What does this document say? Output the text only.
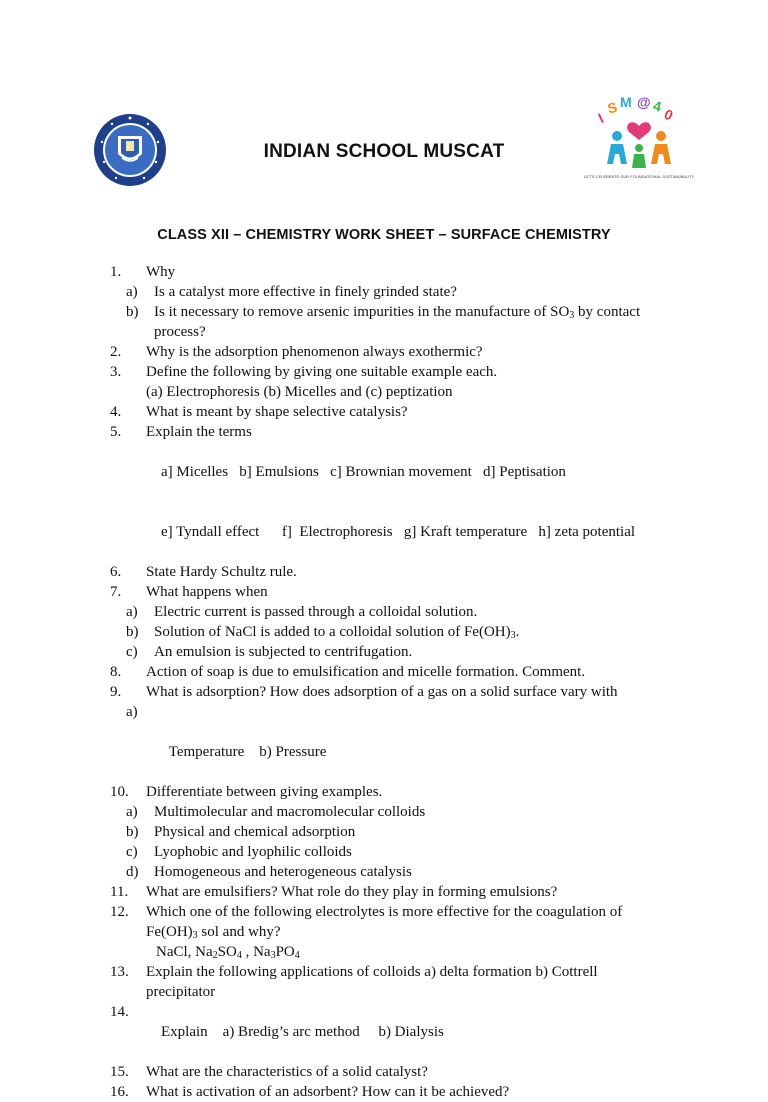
I
S M @ 4
0
LET'S CELEBRATE OUR FOUNDATIONAL SUSTAINABILITY
INDIAN SCHOOL MUSCAT
CLASS XII – CHEMISTRY WORK SHEET – SURFACE CHEMISTRY
1. Why
a) Is a catalyst more effective in finely grinded state?
b) Is it necessary to remove arsenic impurities in the manufacture of $SO_3$ by contact
process?
2. Why is the adsorption phenomenon always exothermic?
3. Define the following by giving one suitable example each.
(a) Electrophoresis (b) Micelles and (c) peptization
4. What is meant by shape selective catalysis?
5. Explain the terms

a] Micelles   b] Emulsions   c] Brownian movement   d] Peptisation

e] Tyndall effect      f]  Electrophoresis   g] Kraft temperature   h] zeta potential

6. State Hardy Schultz rule.
7. What happens when
a) Electric current is passed through a colloidal solution.
b) Solution of NaCl is added to a colloidal solution of $Fe(OH)_3$.
c) An emulsion is subjected to centrifugation.
8. Action of soap is due to emulsification and micelle formation. Comment.
9. What is adsorption? How does adsorption of a gas on a solid surface vary with

a)

Temperature    b) Pressure

10. Differentiate between giving examples.
a) Multimolecular and macromolecular colloids
b) Physical and chemical adsorption
c) Lyophobic and lyophilic colloids
d) Homogeneous and heterogeneous catalysis
11. What are emulsifiers? What role do they play in forming emulsions?
12. Which one of the following electrolytes is more effective for the coagulation of
$Fe(OH)_3$ sol and why?
NaCl, $Na_2SO_4$ , $Na_3PO_4$
13. Explain the following applications of colloids a) delta formation b) Cottrell
precipitator

14.
Explain    a) Bredig’s arc method     b) Dialysis

15. What are the characteristics of a solid catalyst?
16. What is activation of an adsorbent? How can it be achieved?
